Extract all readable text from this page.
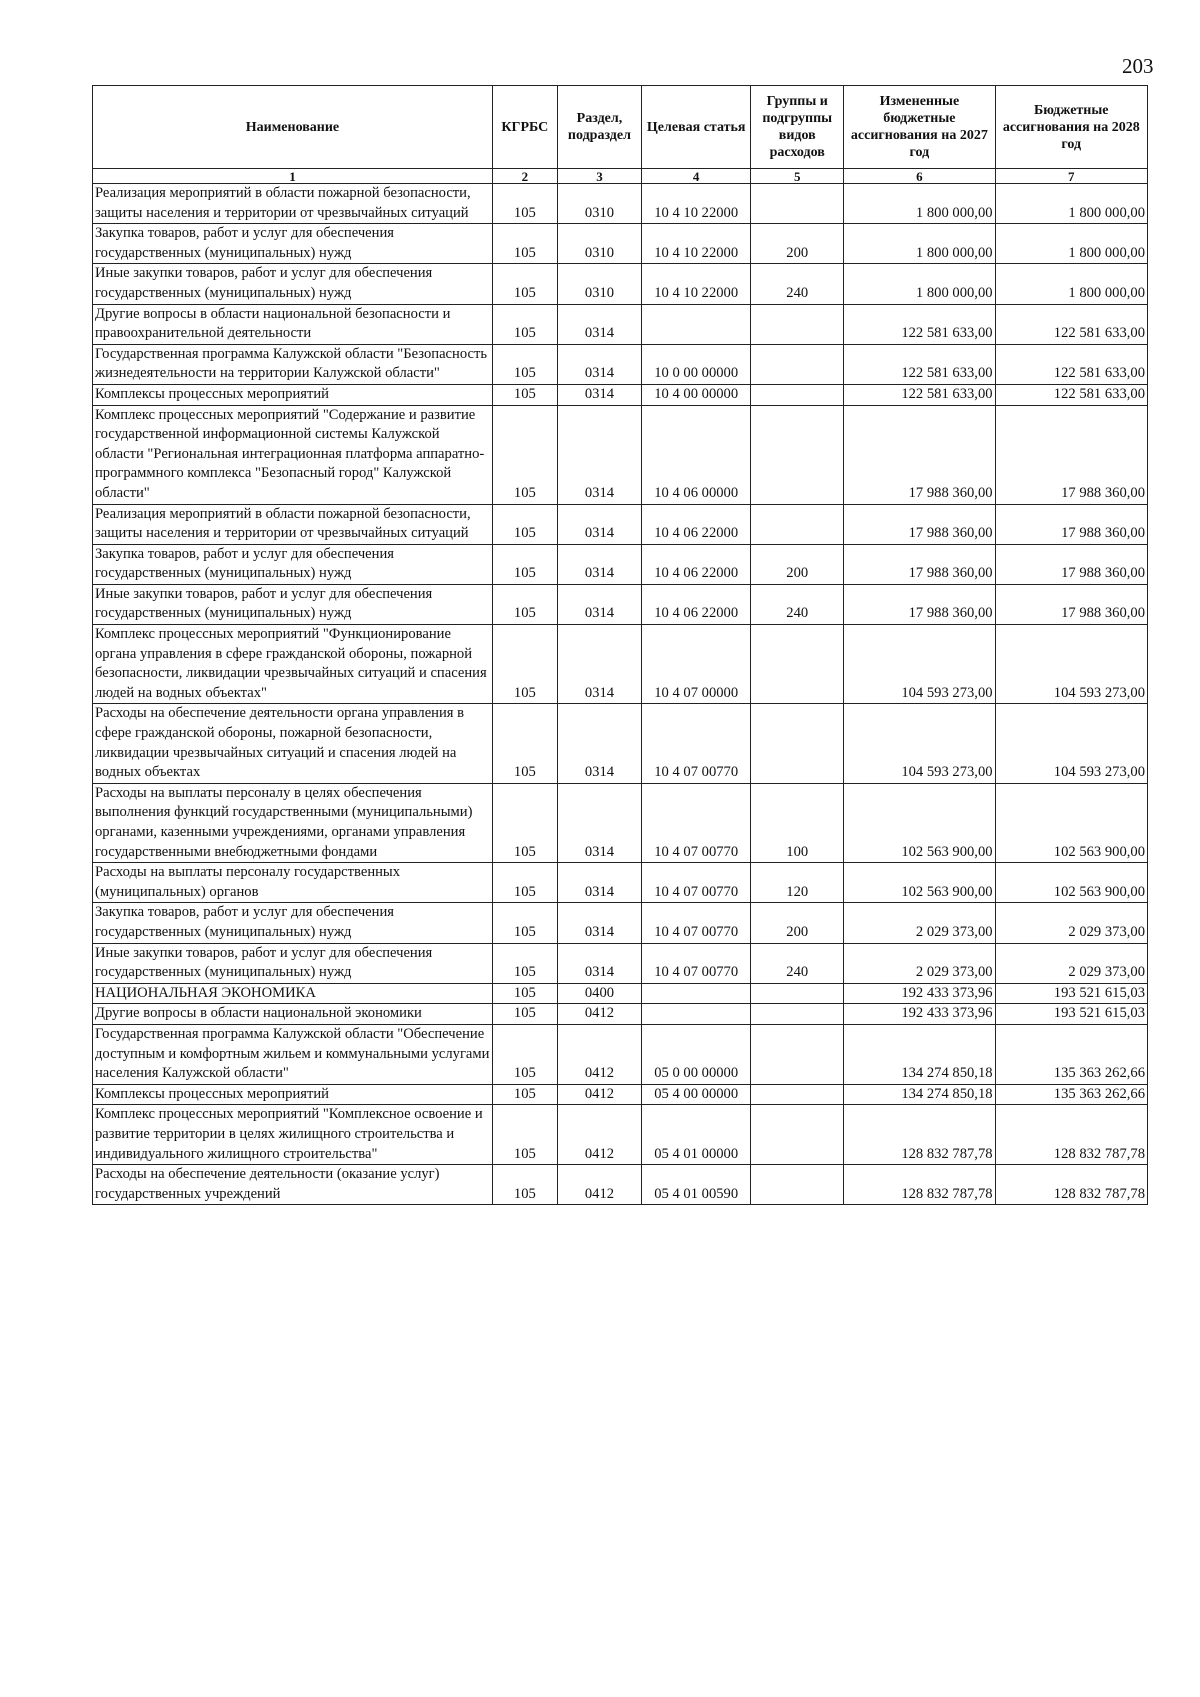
203
Наименование	КГРБС	Раздел, подраздел	Целевая статья	Группы и подгруппы видов расходов	Измененные бюджетные ассигнования на 2027 год	Бюджетные ассигнования на 2028 год
1	2	3	4	5	6	7
Реализация мероприятий в области пожарной безопасности, защиты населения и территории от чрезвычайных ситуаций	105	0310	10 4 10 22000		1 800 000,00	1 800 000,00
Закупка товаров, работ и услуг для обеспечения государственных (муниципальных) нужд	105	0310	10 4 10 22000	200	1 800 000,00	1 800 000,00
Иные закупки товаров, работ и услуг для обеспечения государственных (муниципальных) нужд	105	0310	10 4 10 22000	240	1 800 000,00	1 800 000,00
Другие вопросы в области национальной безопасности и правоохранительной деятельности	105	0314			122 581 633,00	122 581 633,00
Государственная программа Калужской области "Безопасность жизнедеятельности на территории Калужской области"	105	0314	10 0 00 00000		122 581 633,00	122 581 633,00
Комплексы процессных мероприятий	105	0314	10 4 00 00000		122 581 633,00	122 581 633,00
Комплекс процессных мероприятий "Содержание и развитие государственной информационной системы Калужской области "Региональная интеграционная платформа аппаратно-программного комплекса "Безопасный город" Калужской области"	105	0314	10 4 06 00000		17 988 360,00	17 988 360,00
Реализация мероприятий в области пожарной безопасности, защиты населения и территории от чрезвычайных ситуаций	105	0314	10 4 06 22000		17 988 360,00	17 988 360,00
Закупка товаров, работ и услуг для обеспечения государственных (муниципальных) нужд	105	0314	10 4 06 22000	200	17 988 360,00	17 988 360,00
Иные закупки товаров, работ и услуг для обеспечения государственных (муниципальных) нужд	105	0314	10 4 06 22000	240	17 988 360,00	17 988 360,00
Комплекс процессных мероприятий "Функционирование органа управления в сфере гражданской обороны, пожарной безопасности, ликвидации чрезвычайных ситуаций и спасения людей на водных объектах"	105	0314	10 4 07 00000		104 593 273,00	104 593 273,00
Расходы на обеспечение деятельности органа управления в сфере гражданской обороны, пожарной безопасности, ликвидации чрезвычайных ситуаций и спасения людей на водных объектах	105	0314	10 4 07 00770		104 593 273,00	104 593 273,00
Расходы на выплаты персоналу в целях обеспечения выполнения функций государственными (муниципальными) органами, казенными учреждениями, органами управления государственными внебюджетными фондами	105	0314	10 4 07 00770	100	102 563 900,00	102 563 900,00
Расходы на выплаты персоналу государственных (муниципальных) органов	105	0314	10 4 07 00770	120	102 563 900,00	102 563 900,00
Закупка товаров, работ и услуг для обеспечения государственных (муниципальных) нужд	105	0314	10 4 07 00770	200	2 029 373,00	2 029 373,00
Иные закупки товаров, работ и услуг для обеспечения государственных (муниципальных) нужд	105	0314	10 4 07 00770	240	2 029 373,00	2 029 373,00
НАЦИОНАЛЬНАЯ ЭКОНОМИКА	105	0400			192 433 373,96	193 521 615,03
Другие вопросы в области национальной экономики	105	0412			192 433 373,96	193 521 615,03
Государственная программа Калужской области "Обеспечение доступным и комфортным жильем и коммунальными услугами населения Калужской области"	105	0412	05 0 00 00000		134 274 850,18	135 363 262,66
Комплексы процессных мероприятий	105	0412	05 4 00 00000		134 274 850,18	135 363 262,66
Комплекс процессных мероприятий "Комплексное освоение и развитие территории в целях жилищного строительства и индивидуального жилищного строительства"	105	0412	05 4 01 00000		128 832 787,78	128 832 787,78
Расходы на обеспечение деятельности (оказание услуг) государственных учреждений	105	0412	05 4 01 00590		128 832 787,78	128 832 787,78
